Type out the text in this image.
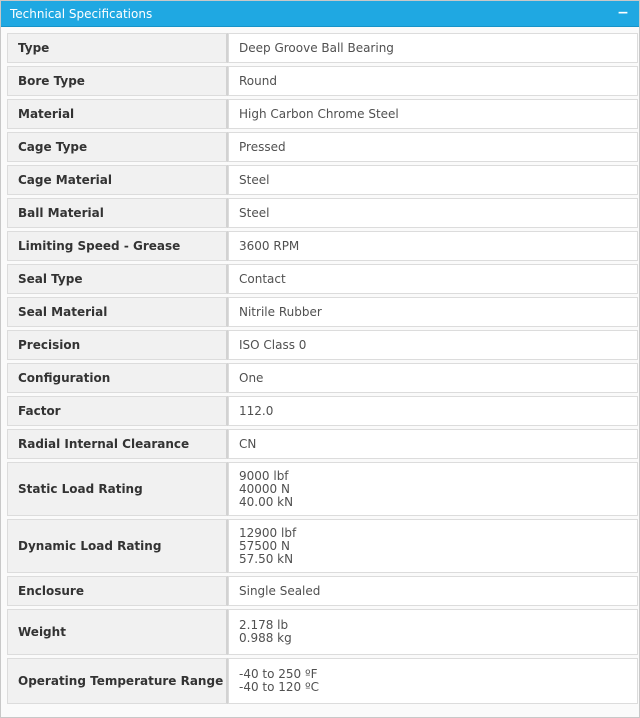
Technical Specifications	−
Type	Deep Groove Ball Bearing

Bore Type	Round

Material	High Carbon Chrome Steel

Cage Type	Pressed

Cage Material	Steel

Ball Material	Steel

Limiting Speed - Grease	3600 RPM

Seal Type	Contact

Seal Material	Nitrile Rubber

Precision	ISO Class 0

Configuration	One

Factor	112.0

Radial Internal Clearance	CN

Static Load Rating	9000 lbf
40000 N
40.00 kN

Dynamic Load Rating	12900 lbf
57500 N
57.50 kN

Enclosure	Single Sealed

Weight	2.178 lb
0.988 kg

Operating Temperature Range	-40 to 250 ºF
-40 to 120 ºC
